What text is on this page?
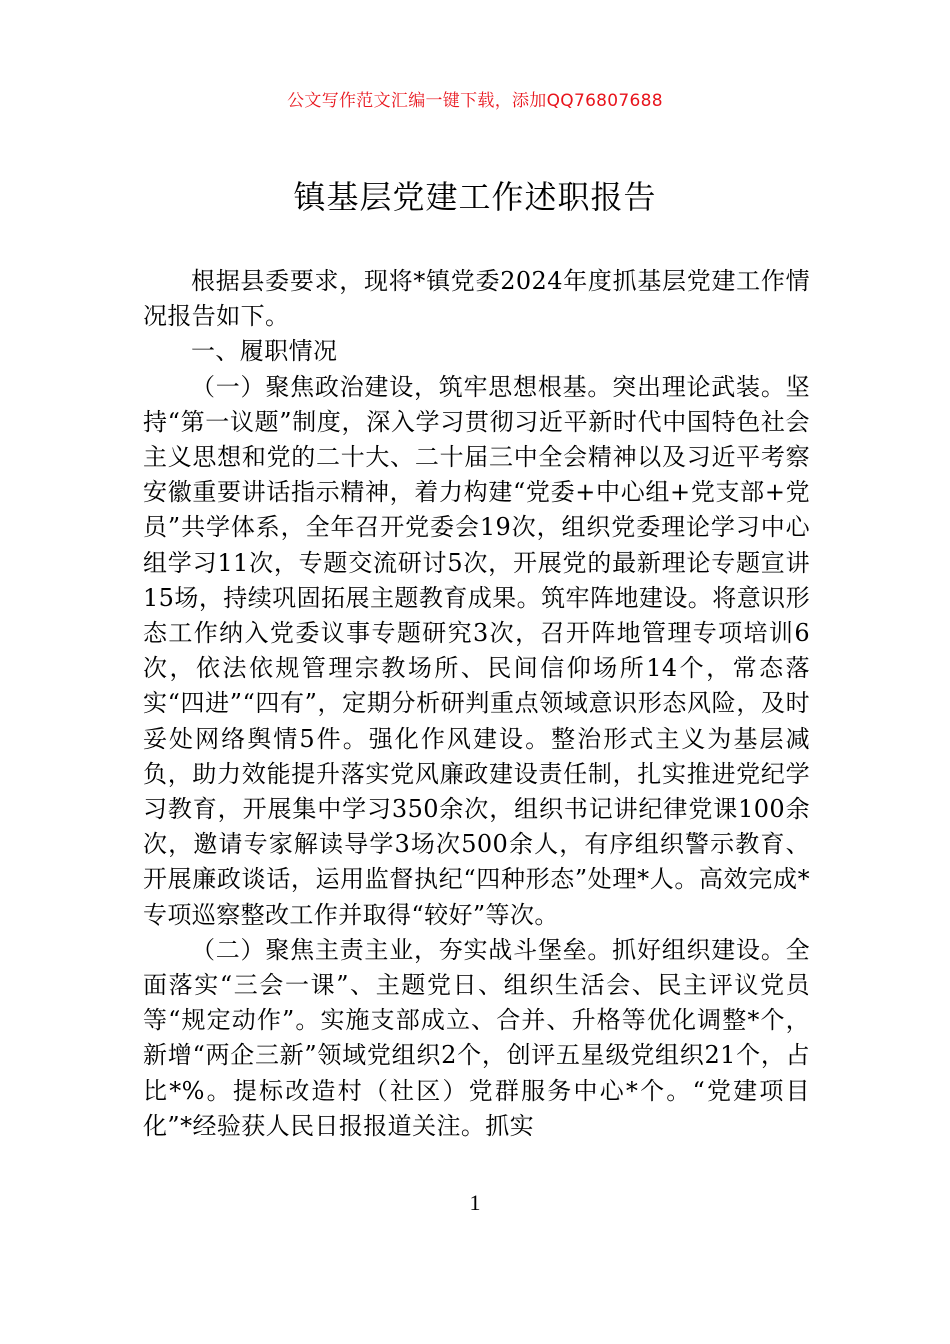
公文写作范文汇编一键下载，添加QQ76807688
镇基层党建工作述职报告

根据县委要求，现将*镇党委2024年度抓基层党建工作情况报告如下。

一、履职情况

（一）聚焦政治建设，筑牢思想根基。突出理论武装。坚持“第一议题”制度，深入学习贯彻习近平新时代中国特色社会主义思想和党的二十大、二十届三中全会精神以及习近平考察安徽重要讲话指示精神，着力构建“党委+中心组+党支部+党员”共学体系，全年召开党委会19次，组织党委理论学习中心组学习11次，专题交流研讨5次，开展党的最新理论专题宣讲15场，持续巩固拓展主题教育成果。筑牢阵地建设。将意识形态工作纳入党委议事专题研究3次，召开阵地管理专项培训6次，依法依规管理宗教场所、民间信仰场所14个，常态落实“四进”“四有”，定期分析研判重点领域意识形态风险，及时妥处网络舆情5件。强化作风建设。整治形式主义为基层减负，助力效能提升落实党风廉政建设责任制，扎实推进党纪学习教育，开展集中学习350余次，组织书记讲纪律党课100余次，邀请专家解读导学3场次500余人，有序组织警示教育、开展廉政谈话，运用监督执纪“四种形态”处理*人。高效完成*专项巡察整改工作并取得“较好”等次。

（二）聚焦主责主业，夯实战斗堡垒。抓好组织建设。全面落实“三会一课”、主题党日、组织生活会、民主评议党员等“规定动作”。实施支部成立、合并、升格等优化调整*个，新增“两企三新”领域党组织2个，创评五星级党组织21个，占比*%。提标改造村（社区）党群服务中心*个。“党建项目化”*经验获人民日报报道关注。抓实

1
